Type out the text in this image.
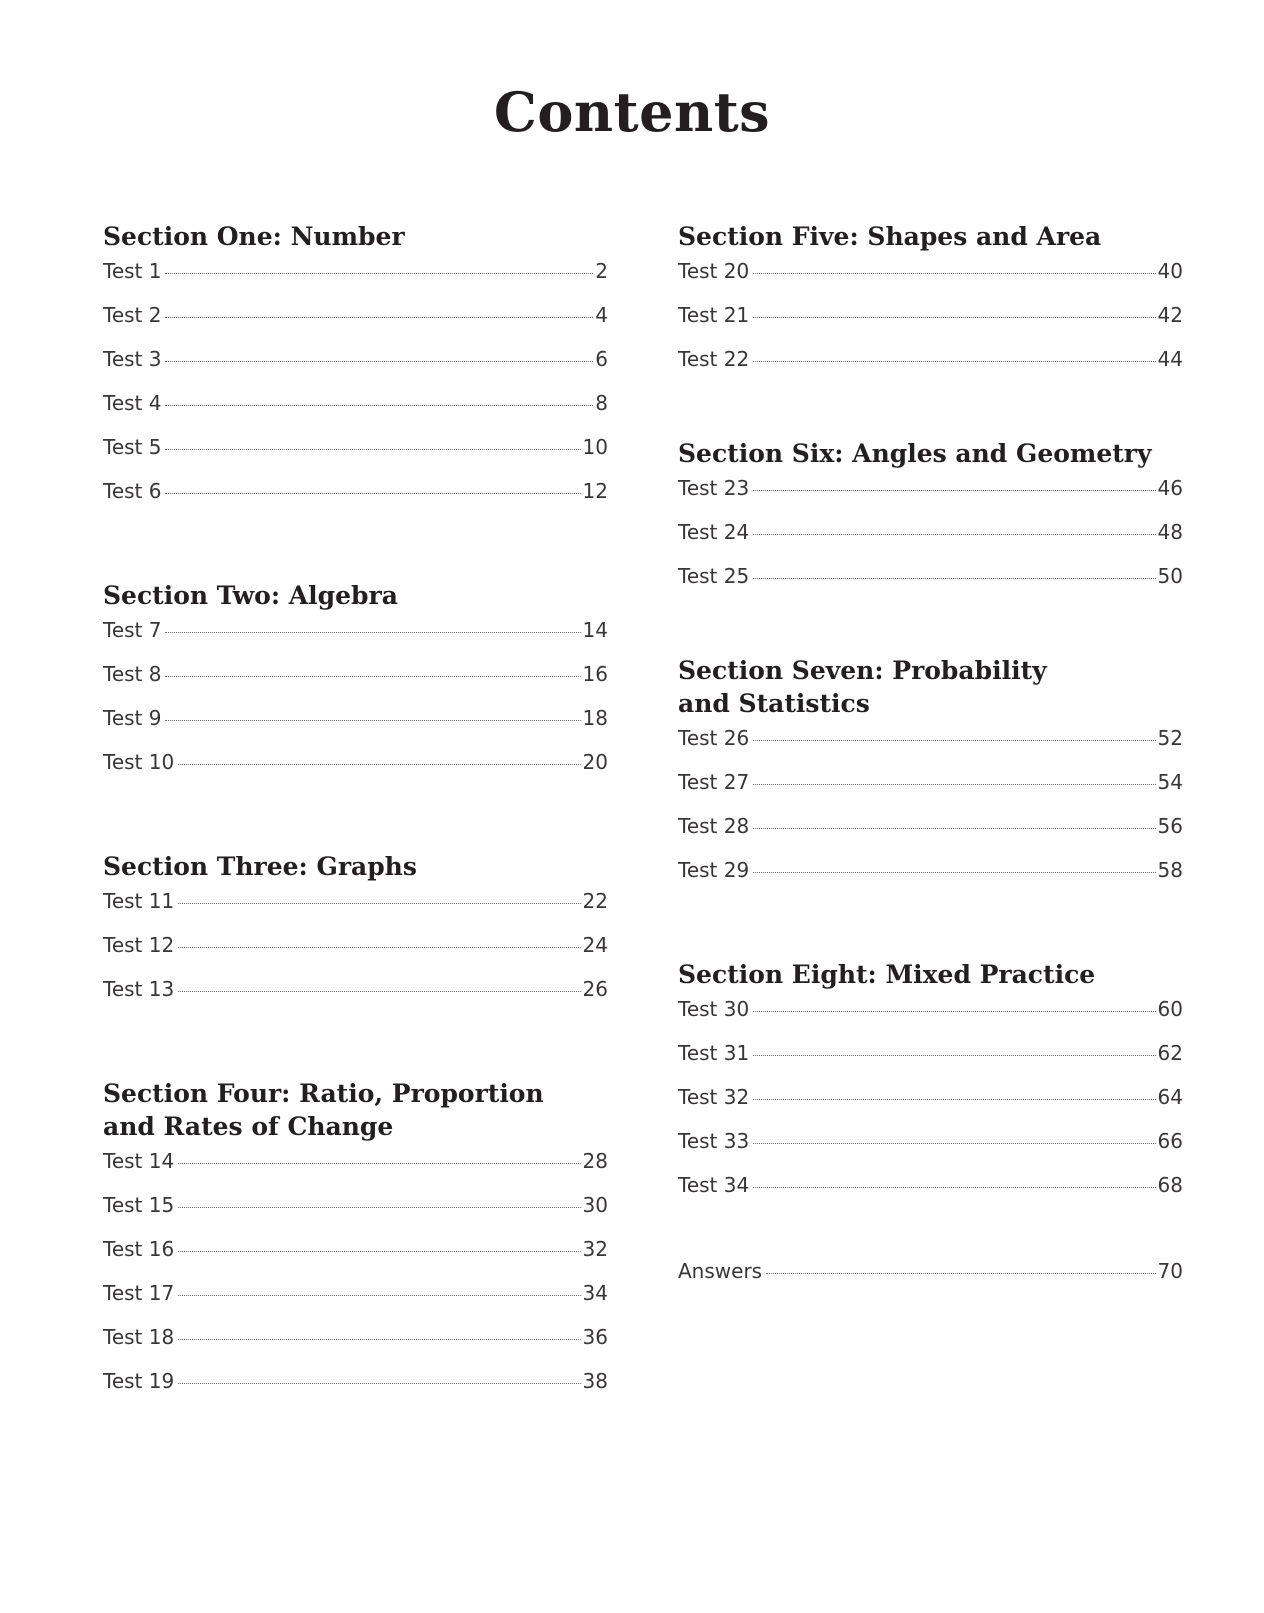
Contents
Section One: Number
Test 1	2
Test 2	4
Test 3	6
Test 4	8
Test 5	10
Test 6	12
Section Two: Algebra
Test 7	14
Test 8	16
Test 9	18
Test 10	20
Section Three: Graphs
Test 11	22
Test 12	24
Test 13	26
Section Four: Ratio, Proportion
and Rates of Change
Test 14	28
Test 15	30
Test 16	32
Test 17	34
Test 18	36
Test 19	38
Section Five: Shapes and Area
Test 20	40
Test 21	42
Test 22	44
Section Six: Angles and Geometry
Test 23	46
Test 24	48
Test 25	50
Section Seven: Probability
and Statistics
Test 26	52
Test 27	54
Test 28	56
Test 29	58
Section Eight: Mixed Practice
Test 30	60
Test 31	62
Test 32	64
Test 33	66
Test 34	68
Answers	70
